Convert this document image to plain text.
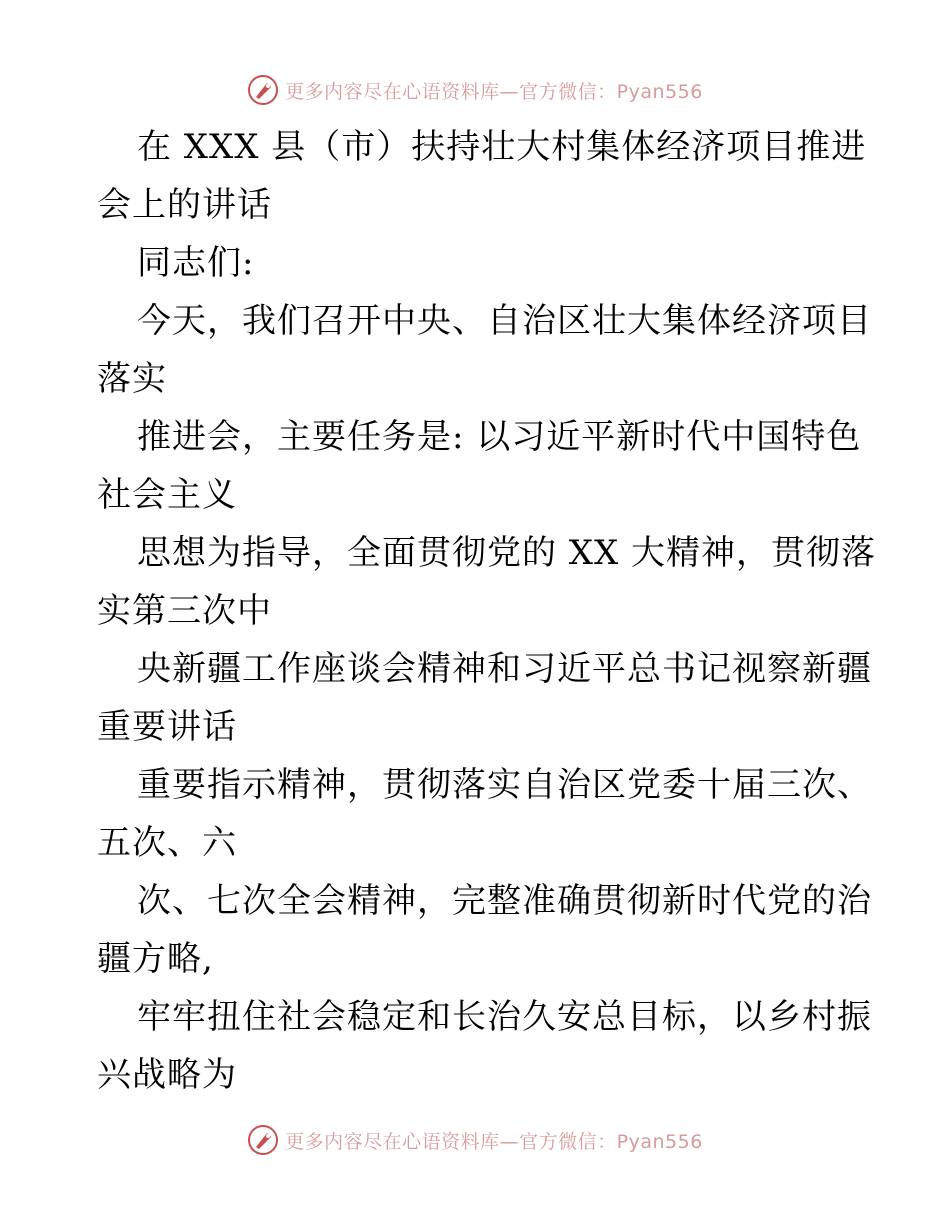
更多内容尽在心语资料库—官方微信：Pyan556
在 XXX 县（市）扶持壮大村集体经济项目推进
会上的讲话
同志们:
今天，我们召开中央、自治区壮大集体经济项目
落实
推进会，主要任务是: 以习近平新时代中国特色
社会主义
思想为指导，全面贯彻党的 XX 大精神，贯彻落
实第三次中
央新疆工作座谈会精神和习近平总书记视察新疆
重要讲话
重要指示精神，贯彻落实自治区党委十届三次、
五次、六
次、七次全会精神，完整准确贯彻新时代党的治
疆方略,
牢牢扭住社会稳定和长治久安总目标，以乡村振
兴战略为
更多内容尽在心语资料库—官方微信：Pyan556
